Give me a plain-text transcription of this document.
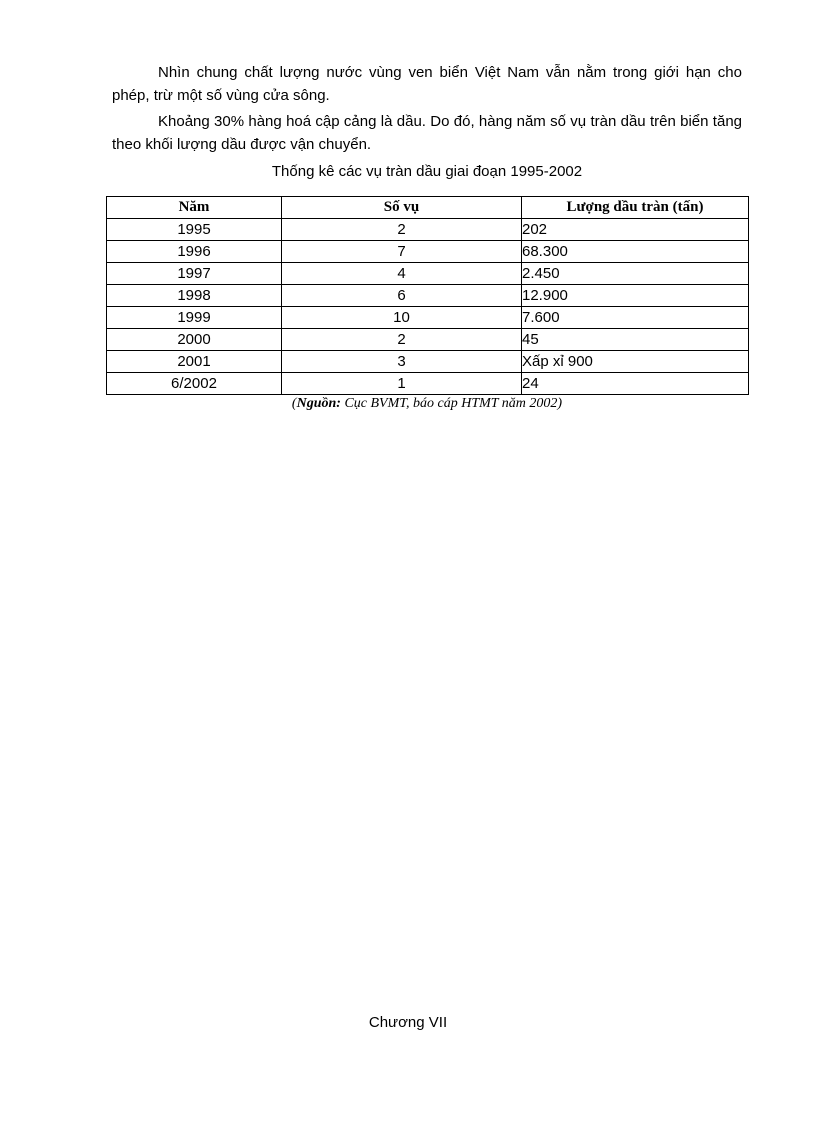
Nhìn chung chất lượng nước vùng ven biển Việt Nam vẫn nằm trong giới hạn cho phép, trừ một số vùng cửa sông.

Khoảng 30% hàng hoá cập cảng là dầu. Do đó, hàng năm số vụ tràn dầu trên biển tăng theo khối lượng dầu được vận chuyển.

Thống kê các vụ tràn dầu giai đoạn 1995-2002

Năm	Số vụ	Lượng dầu tràn (tấn)
1995	2	202
1996	7	68.300
1997	4	2.450
1998	6	12.900
1999	10	7.600
2000	2	45
2001	3	Xấp xỉ 900
6/2002	1	24

(Nguồn: Cục BVMT, báo cáp HTMT năm 2002)

Chương VII
